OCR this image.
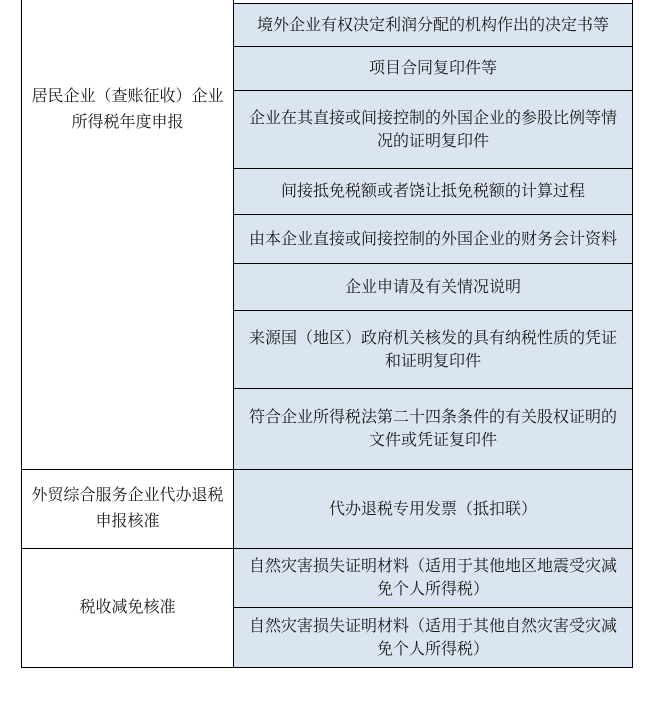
居民企业（查账征收）企业
所得税年度申报
境外企业有权决定利润分配的机构作出的决定书等
项目合同复印件等
企业在其直接或间接控制的外国企业的参股比例等情况的证明复印件
间接抵免税额或者饶让抵免税额的计算过程
由本企业直接或间接控制的外国企业的财务会计资料
企业申请及有关情况说明
来源国（地区）政府机关核发的具有纳税性质的凭证和证明复印件
符合企业所得税法第二十四条条件的有关股权证明的文件或凭证复印件
外贸综合服务企业代办退税
申报核准
代办退税专用发票（抵扣联）
税收减免核准
自然灾害损失证明材料（适用于其他地区地震受灾减免个人所得税）
自然灾害损失证明材料（适用于其他自然灾害受灾减免个人所得税）
